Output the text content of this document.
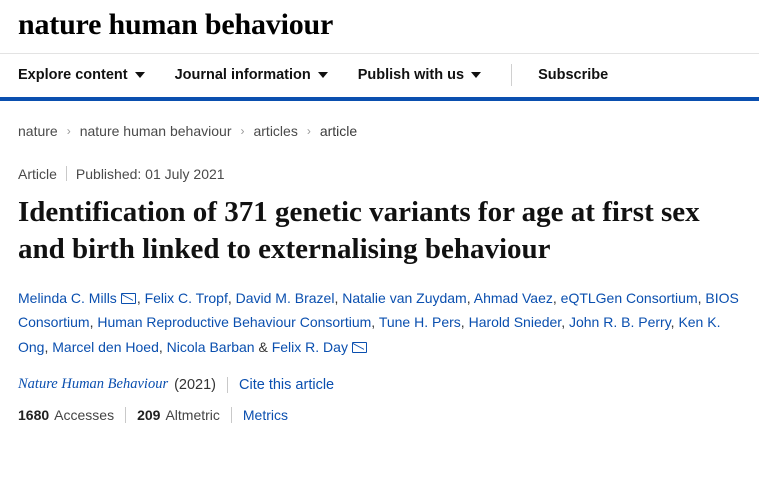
nature human behaviour
Explore content	Journal information	Publish with us	Subscribe
nature › nature human behaviour › articles › article
Article Published: 01 July 2021
Identification of 371 genetic variants for age at first sex and birth linked to externalising behaviour
Melinda C. Mills , Felix C. Tropf, David M. Brazel, Natalie van Zuydam, Ahmad Vaez, eQTLGen Consortium, BIOS Consortium, Human Reproductive Behaviour Consortium, Tune H. Pers, Harold Snieder, John R. B. Perry, Ken K. Ong, Marcel den Hoed, Nicola Barban & Felix R. Day
Nature Human Behaviour (2021) Cite this article
1680 Accesses 209 Altmetric Metrics
